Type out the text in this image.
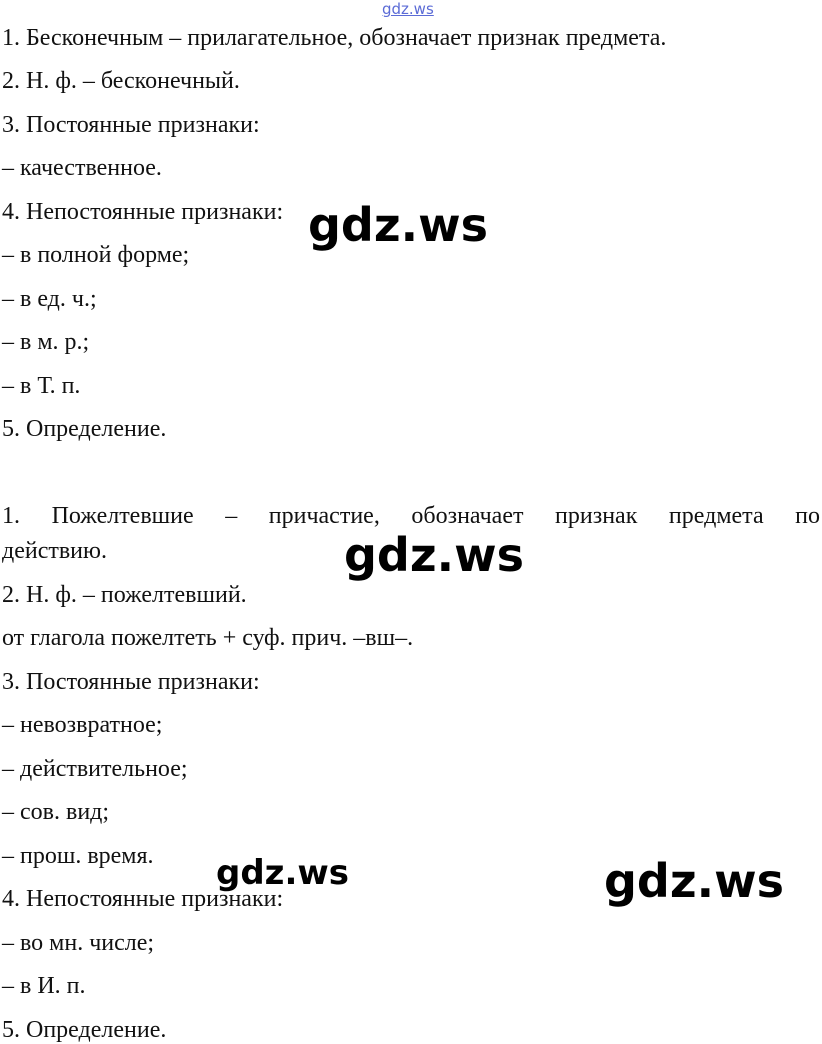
gdz.ws
1. Бесконечным – прилагательное, обозначает признак предмета.
2. Н. ф. – бесконечный.
3. Постоянные признаки:
– качественное.
4. Непостоянные признаки:
– в полной форме;
– в ед. ч.;
– в м. р.;
– в Т. п.
5. Определение.
1. Пожелтевшие – причастие, обозначает признак предмета по
действию.
2. Н. ф. – пожелтевший.
от глагола пожелтеть + суф. прич. –вш–.
3. Постоянные признаки:
– невозвратное;
– действительное;
– сов. вид;
– прош. время.
4. Непостоянные признаки:
– во мн. числе;
– в И. п.
5. Определение.
gdz.ws
gdz.ws
gdz.ws	gdz.ws
